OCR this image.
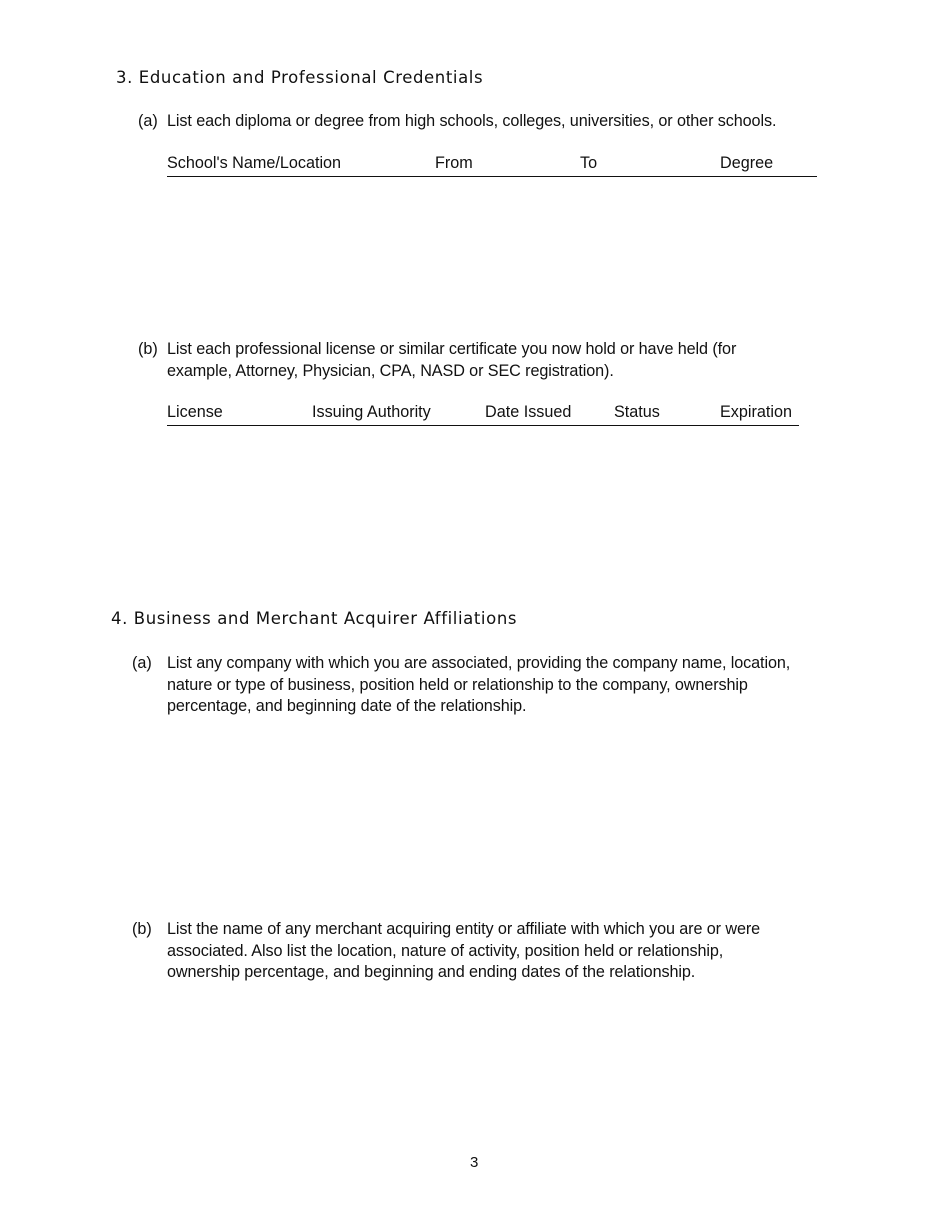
3. Education and Professional Credentials
(a) List each diploma or degree from high schools, colleges, universities, or other schools.
School's Name/Location	From	To	Degree
(b) List each professional license or similar certificate you now hold or have held (for
example, Attorney, Physician, CPA, NASD or SEC registration).
License	Issuing Authority	Date Issued	Status	Expiration
4. Business and Merchant Acquirer Affiliations
(a) List any company with which you are associated, providing the company name, location,
nature or type of business, position held or relationship to the company, ownership
percentage, and beginning date of the relationship.
(b) List the name of any merchant acquiring entity or affiliate with which you are or were
associated. Also list the location, nature of activity, position held or relationship,
ownership percentage, and beginning and ending dates of the relationship.
3
